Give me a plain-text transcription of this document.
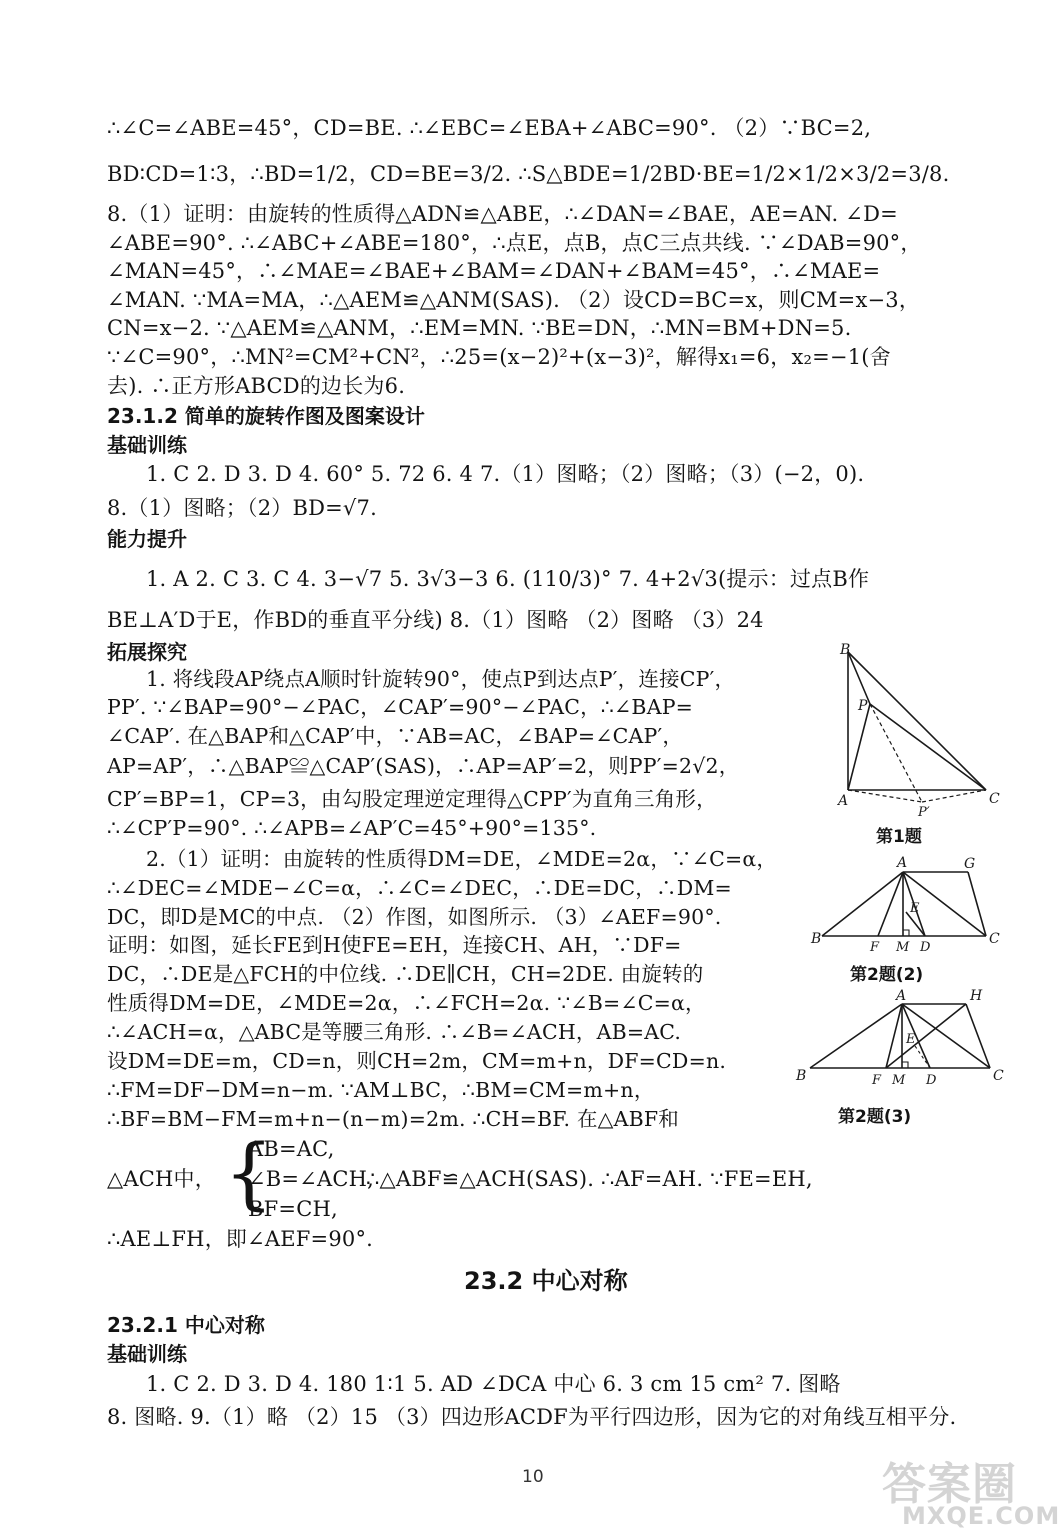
∴∠C=∠ABE=45°，CD=BE. ∴∠EBC=∠EBA+∠ABC=90°. （2）∵BC=2,
BD∶CD=1∶3，∴BD=1/2，CD=BE=3/2. ∴S△BDE=1/2BD·BE=1/2×1/2×3/2=3/8.
8.（1）证明：由旋转的性质得△ADN≌△ABE，∴∠DAN=∠BAE，AE=AN. ∠D=
∠ABE=90°. ∴∠ABC+∠ABE=180°，∴点E，点B，点C三点共线. ∵∠DAB=90°，
∠MAN=45°，∴∠MAE=∠BAE+∠BAM=∠DAN+∠BAM=45°，∴∠MAE=
∠MAN. ∵MA=MA，∴△AEM≌△ANM(SAS). （2）设CD=BC=x，则CM=x−3，
CN=x−2. ∵△AEM≌△ANM，∴EM=MN. ∵BE=DN，∴MN=BM+DN=5.
∵∠C=90°，∴MN²=CM²+CN²，∴25=(x−2)²+(x−3)²，解得x₁=6，x₂=−1(舍
去). ∴正方形ABCD的边长为6.
23.1.2 简单的旋转作图及图案设计
基础训练
1. C 2. D 3. D 4. 60° 5. 72 6. 4 7.（1）图略；（2）图略；（3）(−2，0).
8.（1）图略；（2）BD=√7.
能力提升
1. A 2. C 3. C 4. 3−√7 5. 3√3−3 6. (110/3)° 7. 4+2√3(提示：过点B作
BE⊥A′D于E，作BD的垂直平分线) 8.（1）图略 （2）图略 （3）24
拓展探究
1. 将线段AP绕点A顺时针旋转90°，使点P到达点P′，连接CP′，
PP′. ∵∠BAP=90°−∠PAC，∠CAP′=90°−∠PAC，∴∠BAP=
∠CAP′. 在△BAP和△CAP′中，∵AB=AC，∠BAP=∠CAP′，
AP=AP′，∴△BAP≌△CAP′(SAS)，∴AP=AP′=2，则PP′=2√2，
CP′=BP=1，CP=3，由勾股定理逆定理得△CPP′为直角三角形，
∴∠CP′P=90°. ∴∠APB=∠AP′C=45°+90°=135°.
2.（1）证明：由旋转的性质得DM=DE，∠MDE=2α，∵∠C=α，
∴∠DEC=∠MDE−∠C=α，∴∠C=∠DEC，∴DE=DC，∴DM=
DC，即D是MC的中点. （2）作图，如图所示. （3）∠AEF=90°.
证明：如图，延长FE到H使FE=EH，连接CH、AH，∵DF=
DC，∴DE是△FCH的中位线. ∴DE∥CH，CH=2DE. 由旋转的
性质得DM=DE，∠MDE=2α，∴∠FCH=2α. ∵∠B=∠C=α，
∴∠ACH=α，△ABC是等腰三角形. ∴∠B=∠ACH，AB=AC.
设DM=DE=m，CD=n，则CH=2m，CM=m+n，DF=CD=n.
∴FM=DF−DM=n−m. ∵AM⊥BC，∴BM=CM=m+n，
∴BF=BM−FM=m+n−(n−m)=2m. ∴CH=BF. 在△ABF和
△ACH中， {
AB=AC,
∠B=∠ACH,
BF=CH,
∴△ABF≌△ACH(SAS). ∴AF=AH. ∵FE=EH,
∴AE⊥FH，即∠AEF=90°.
B
P
A
P′
C
第1题
A	G
E
B
F M D
C
第2题(2)
A	H
E
B	F M D	C
第2题(3)
23.2 中心对称
23.2.1 中心对称
基础训练
1. C 2. D 3. D 4. 180 1∶1 5. AD ∠DCA 中心 6. 3 cm 15 cm² 7. 图略
8. 图略. 9.（1）略 （2）15 （3）四边形ACDF为平行四边形，因为它的对角线互相平分.
10	答案圈
MXQE.COM
